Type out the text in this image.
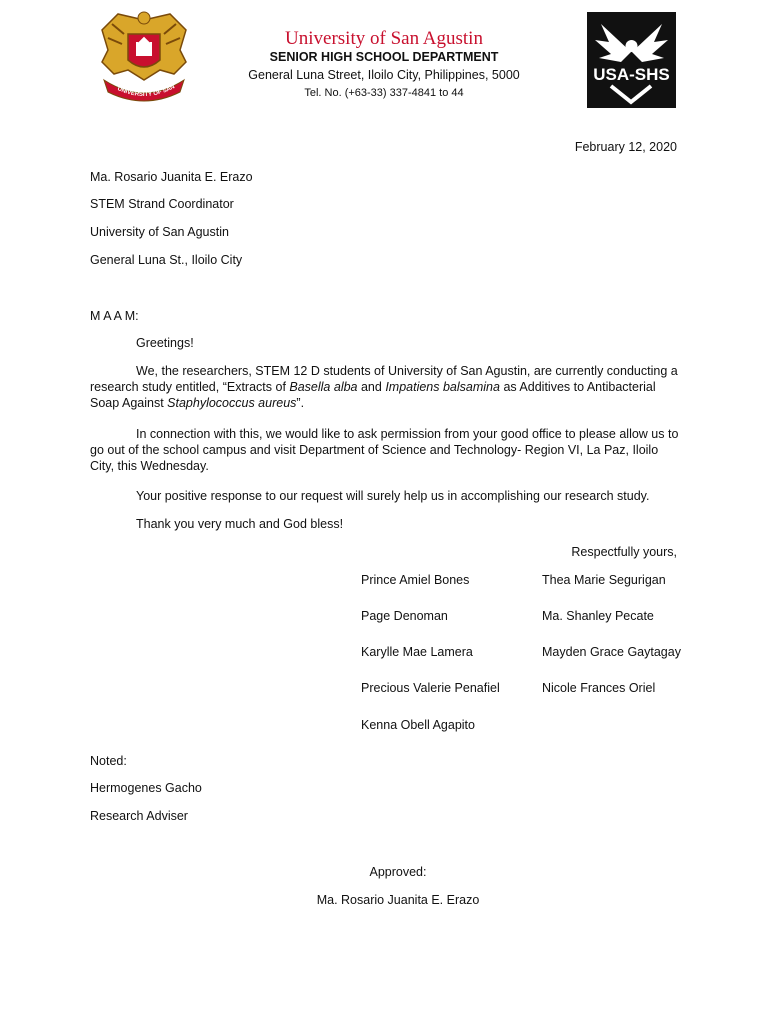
UNIVERSITY OF SAN
University of San Agustin
SENIOR HIGH SCHOOL DEPARTMENT
General Luna Street, Iloilo City, Philippines, 5000
Tel. No. (+63-33) 337-4841 to 44
USA-SHS
February 12, 2020
Ma. Rosario Juanita E. Erazo
STEM Strand Coordinator
University of San Agustin
General Luna St., Iloilo City
M A A M:
Greetings!
We, the researchers, STEM 12 D students of University of San Agustin, are currently conducting a research study entitled, “Extracts of Basella alba and Impatiens balsamina as Additives to Antibacterial Soap Against Staphylococcus aureus”.
In connection with this, we would like to ask permission from your good office to please allow us to go out of the school campus and visit Department of Science and Technology- Region VI, La Paz, Iloilo City, this Wednesday.
Your positive response to our request will surely help us in accomplishing our research study.
Thank you very much and God bless!
Respectfully yours,
Prince Amiel Bones
Page Denoman
Karylle Mae Lamera
Precious Valerie Penafiel
Kenna Obell Agapito
Thea Marie Segurigan
Ma. Shanley Pecate
Mayden Grace Gaytagay
Nicole Frances Oriel
Noted:
Hermogenes Gacho
Research Adviser
Approved:
Ma. Rosario Juanita E. Erazo
